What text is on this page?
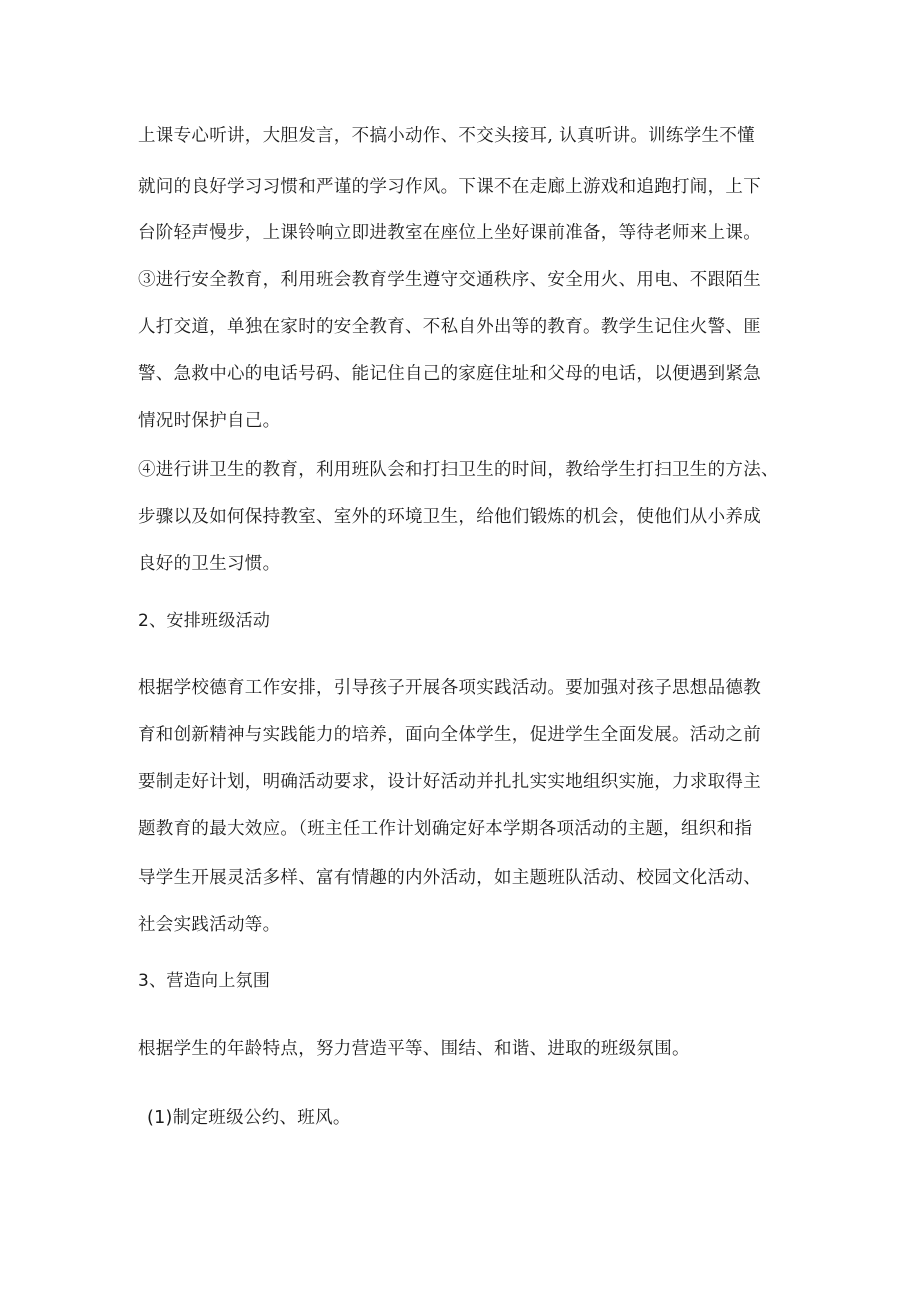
上课专心听讲，大胆发言，不搞小动作、不交头接耳, 认真听讲。训练学生不懂
就问的良好学习习惯和严谨的学习作风。下课不在走廊上游戏和追跑打闹，上下
台阶轻声慢步，上课铃响立即进教室在座位上坐好课前准备，等待老师来上课。
③进行安全教育，利用班会教育学生遵守交通秩序、安全用火、用电、不跟陌生
人打交道，单独在家时的安全教育、不私自外出等的教育。教学生记住火警、匪
警、急救中心的电话号码、能记住自己的家庭住址和父母的电话，以便遇到紧急
情况时保护自己。
④进行讲卫生的教育，利用班队会和打扫卫生的时间，教给学生打扫卫生的方法、
步骤以及如何保持教室、室外的环境卫生，给他们锻炼的机会，使他们从小养成
良好的卫生习惯。
2、安排班级活动
根据学校德育工作安排，引导孩子开展各项实践活动。要加强对孩子思想品德教
育和创新精神与实践能力的培养，面向全体学生，促进学生全面发展。活动之前
要制走好计划，明确活动要求，设计好活动并扎扎实实地组织实施，力求取得主
题教育的最大效应。（班主任工作计划确定好本学期各项活动的主题，组织和指
导学生开展灵活多样、富有情趣的内外活动，如主题班队活动、校园文化活动、
社会实践活动等。
3、营造向上氛围
根据学生的年龄特点，努力营造平等、围结、和谐、进取的班级氛围。
(1)制定班级公约、班风。
